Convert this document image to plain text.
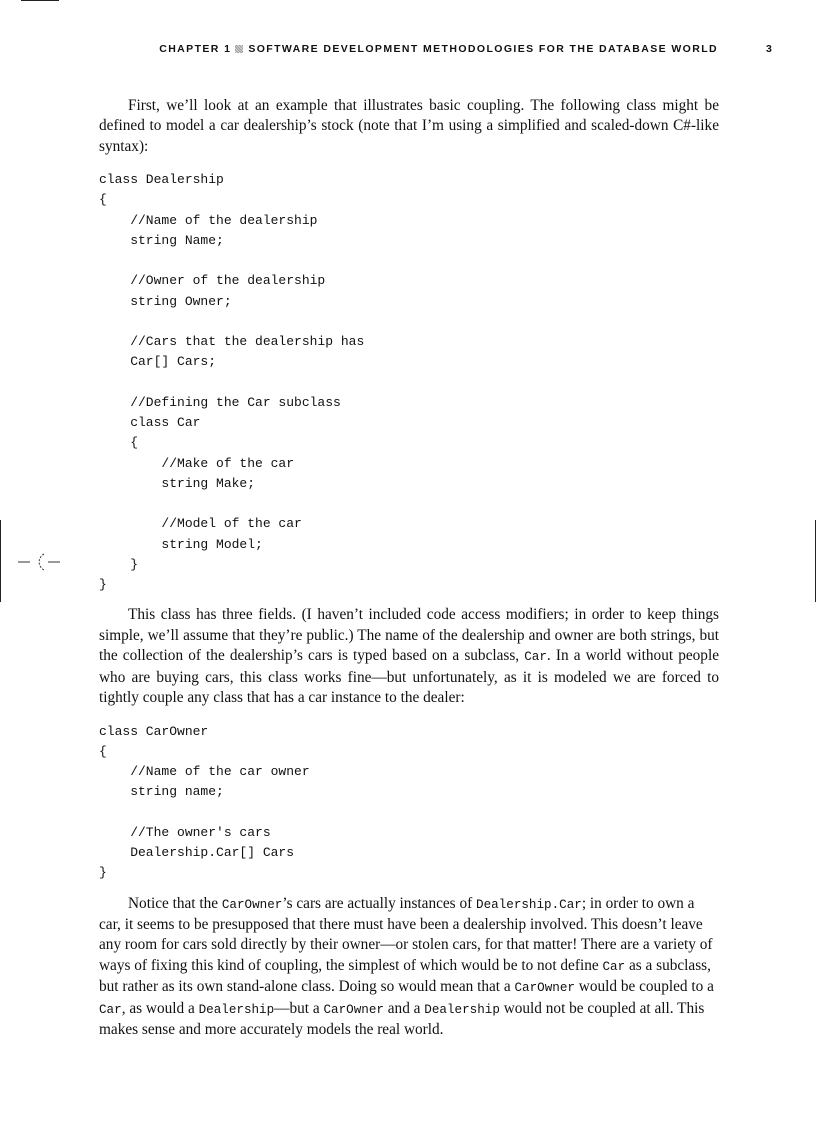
CHAPTER 1 SOFTWARE DEVELOPMENT METHODOLOGIES FOR THE DATABASE WORLD	3

First, we’ll look at an example that illustrates basic coupling. The following class might be defined to model a car dealership’s stock (note that I’m using a simplified and scaled-down C#-like syntax):

class Dealership
{
//Name of the dealership
string Name;

//Owner of the dealership
string Owner;

//Cars that the dealership has
Car[] Cars;

//Defining the Car subclass
class Car
{
//Make of the car
string Make;

//Model of the car
string Model;
}
}

This class has three fields. (I haven’t included code access modifiers; in order to keep things simple, we’ll assume that they’re public.) The name of the dealership and owner are both strings, but the collection of the dealership’s cars is typed based on a subclass, Car. In a world without people who are buying cars, this class works fine—but unfortunately, as it is modeled we are forced to tightly couple any class that has a car instance to the dealer:

class CarOwner
{
//Name of the car owner
string name;

//The owner's cars
Dealership.Car[] Cars
}

Notice that the CarOwner’s cars are actually instances of Dealership.Car; in order to own a car, it seems to be presupposed that there must have been a dealership involved. This doesn’t leave any room for cars sold directly by their owner—or stolen cars, for that matter! There are a variety of ways of fixing this kind of coupling, the simplest of which would be to not define Car as a subclass, but rather as its own stand-alone class. Doing so would mean that a CarOwner would be coupled to a Car, as would a Dealership—but a CarOwner and a Dealership would not be coupled at all. This makes sense and more accurately models the real world.
